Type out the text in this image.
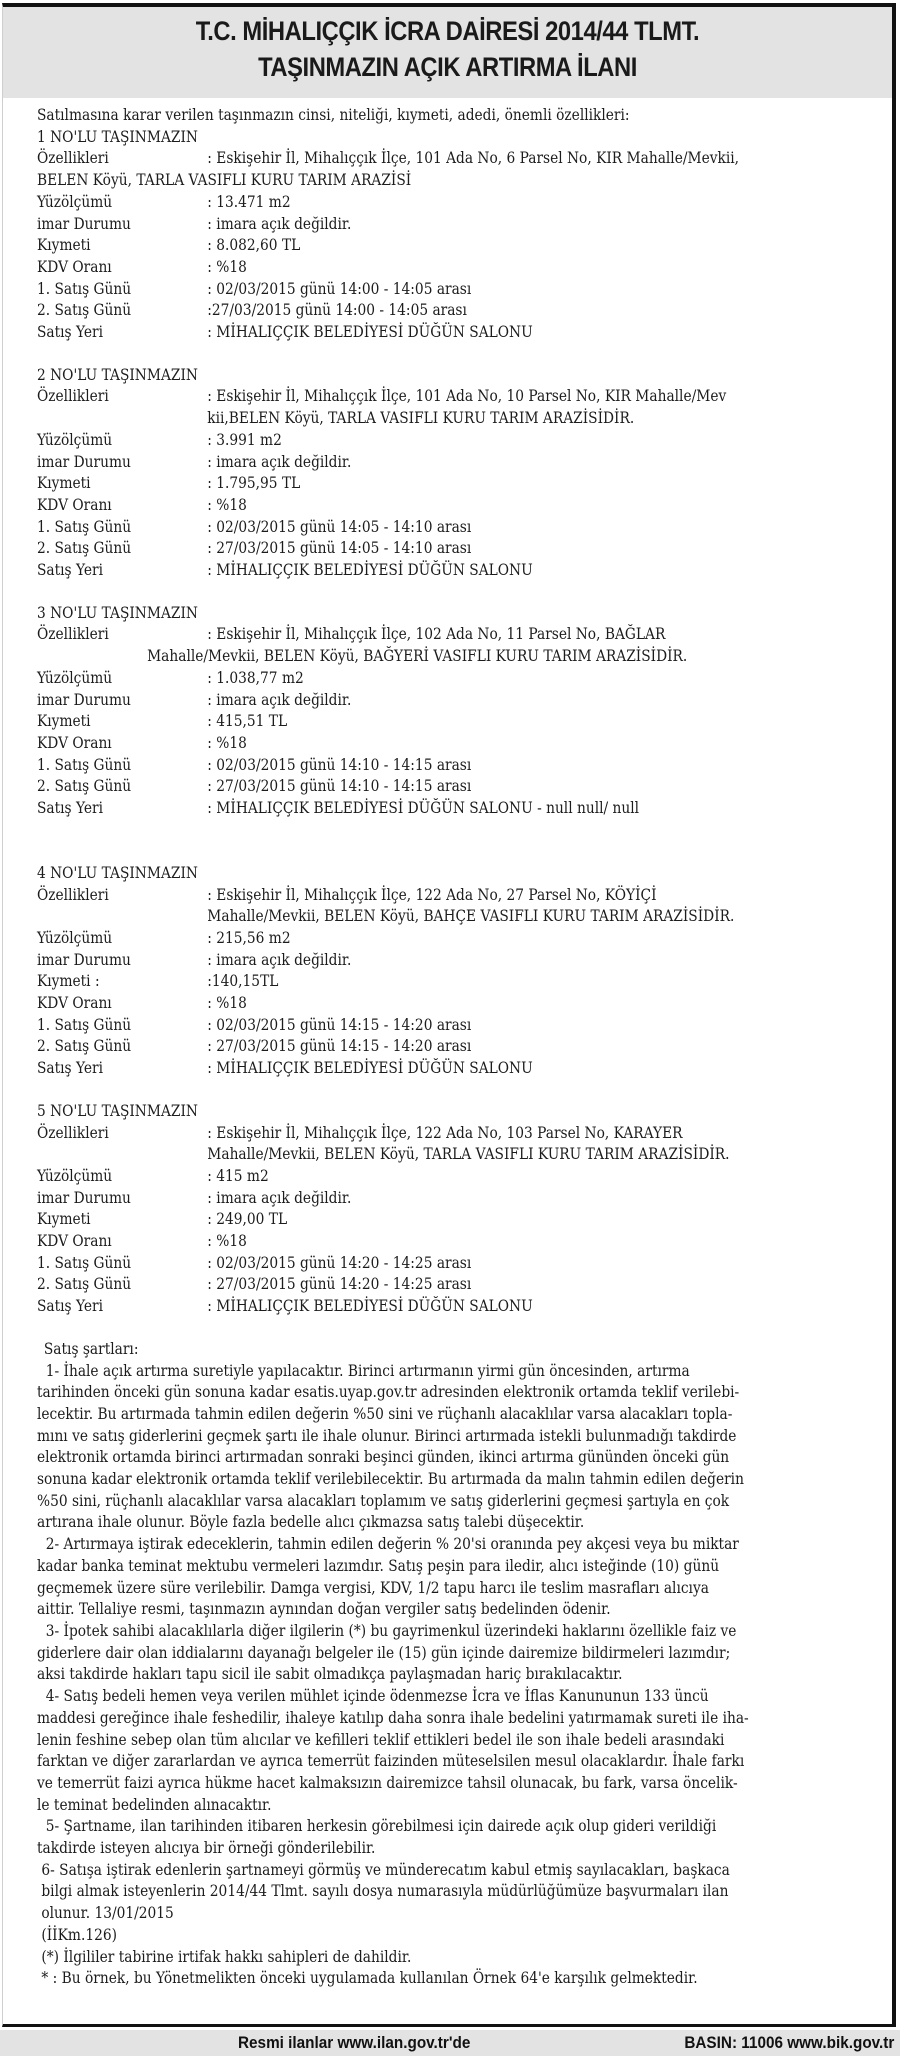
T.C. MİHALIÇÇIK İCRA DAİRESİ 2014/44 TLMT.
TAŞINMAZIN AÇIK ARTIRMA İLANI
Satılmasına karar verilen taşınmazın cinsi, niteliği, kıymeti, adedi, önemli özellikleri:
1 NO'LU TAŞINMAZIN
Özellikleri	: Eskişehir İl, Mihalıççık İlçe, 101 Ada No, 6 Parsel No, KIR Mahalle/Mevkii,
BELEN Köyü, TARLA VASIFLI KURU TARIM ARAZİSİ
Yüzölçümü	: 13.471 m2
imar Durumu	: imara açık değildir.
Kıymeti	: 8.082,60 TL
KDV Oranı	: %18
1. Satış Günü	: 02/03/2015 günü 14:00 - 14:05 arası
2. Satış Günü	:27/03/2015 günü 14:00 - 14:05 arası
Satış Yeri	: MİHALIÇÇIK BELEDİYESİ DÜĞÜN SALONU
2 NO'LU TAŞINMAZIN
Özellikleri	: Eskişehir İl, Mihalıççık İlçe, 101 Ada No, 10 Parsel No, KIR Mahalle/Mev
kii,BELEN Köyü, TARLA VASIFLI KURU TARIM ARAZİSİDİR.
Yüzölçümü	: 3.991 m2
imar Durumu	: imara açık değildir.
Kıymeti	: 1.795,95 TL
KDV Oranı	: %18
1. Satış Günü	: 02/03/2015 günü 14:05 - 14:10 arası
2. Satış Günü	: 27/03/2015 günü 14:05 - 14:10 arası
Satış Yeri	: MİHALIÇÇIK BELEDİYESİ DÜĞÜN SALONU
3 NO'LU TAŞINMAZIN
Özellikleri	: Eskişehir İl, Mihalıççık İlçe, 102 Ada No, 11 Parsel No, BAĞLAR
Mahalle/Mevkii, BELEN Köyü, BAĞYERİ VASIFLI KURU TARIM ARAZİSİDİR.
Yüzölçümü	: 1.038,77 m2
imar Durumu	: imara açık değildir.
Kıymeti	: 415,51 TL
KDV Oranı	: %18
1. Satış Günü	: 02/03/2015 günü 14:10 - 14:15 arası
2. Satış Günü	: 27/03/2015 günü 14:10 - 14:15 arası
Satış Yeri	: MİHALIÇÇIK BELEDİYESİ DÜĞÜN SALONU - null null/ null
4 NO'LU TAŞINMAZIN
Özellikleri	: Eskişehir İl, Mihalıççık İlçe, 122 Ada No, 27 Parsel No, KÖYİÇİ
Mahalle/Mevkii, BELEN Köyü, BAHÇE VASIFLI KURU TARIM ARAZİSİDİR.
Yüzölçümü	: 215,56 m2
imar Durumu	: imara açık değildir.
Kıymeti :	:140,15TL
KDV Oranı	: %18
1. Satış Günü	: 02/03/2015 günü 14:15 - 14:20 arası
2. Satış Günü	: 27/03/2015 günü 14:15 - 14:20 arası
Satış Yeri	: MİHALIÇÇIK BELEDİYESİ DÜĞÜN SALONU
5 NO'LU TAŞINMAZIN
Özellikleri	: Eskişehir İl, Mihalıççık İlçe, 122 Ada No, 103 Parsel No, KARAYER
Mahalle/Mevkii, BELEN Köyü, TARLA VASIFLI KURU TARIM ARAZİSİDİR.
Yüzölçümü	: 415 m2
imar Durumu	: imara açık değildir.
Kıymeti	: 249,00 TL
KDV Oranı	: %18
1. Satış Günü	: 02/03/2015 günü 14:20 - 14:25 arası
2. Satış Günü	: 27/03/2015 günü 14:20 - 14:25 arası
Satış Yeri	: MİHALIÇÇIK BELEDİYESİ DÜĞÜN SALONU
Satış şartları:
1- İhale açık artırma suretiyle yapılacaktır. Birinci artırmanın yirmi gün öncesinden, artırma
tarihinden önceki gün sonuna kadar esatis.uyap.gov.tr adresinden elektronik ortamda teklif verilebi-
lecektir. Bu artırmada tahmin edilen değerin %50 sini ve rüçhanlı alacaklılar varsa alacakları topla-
mını ve satış giderlerini geçmek şartı ile ihale olunur. Birinci artırmada istekli bulunmadığı takdirde
elektronik ortamda birinci artırmadan sonraki beşinci günden, ikinci artırma gününden önceki gün
sonuna kadar elektronik ortamda teklif verilebilecektir. Bu artırmada da malın tahmin edilen değerin
%50 sini, rüçhanlı alacaklılar varsa alacakları toplamım ve satış giderlerini geçmesi şartıyla en çok
artırana ihale olunur. Böyle fazla bedelle alıcı çıkmazsa satış talebi düşecektir.
2- Artırmaya iştirak edeceklerin, tahmin edilen değerin % 20'si oranında pey akçesi veya bu miktar
kadar banka teminat mektubu vermeleri lazımdır. Satış peşin para iledir, alıcı isteğinde (10) günü
geçmemek üzere süre verilebilir. Damga vergisi, KDV, 1/2 tapu harcı ile teslim masrafları alıcıya
aittir. Tellaliye resmi, taşınmazın aynından doğan vergiler satış bedelinden ödenir.
3- İpotek sahibi alacaklılarla diğer ilgilerin (*) bu gayrimenkul üzerindeki haklarını özellikle faiz ve
giderlere dair olan iddialarını dayanağı belgeler ile (15) gün içinde dairemize bildirmeleri lazımdır;
aksi takdirde hakları tapu sicil ile sabit olmadıkça paylaşmadan hariç bırakılacaktır.
4- Satış bedeli hemen veya verilen mühlet içinde ödenmezse İcra ve İflas Kanununun 133 üncü
maddesi gereğince ihale feshedilir, ihaleye katılıp daha sonra ihale bedelini yatırmamak sureti ile iha-
lenin feshine sebep olan tüm alıcılar ve kefilleri teklif ettikleri bedel ile son ihale bedeli arasındaki
farktan ve diğer zararlardan ve ayrıca temerrüt faizinden müteselsilen mesul olacaklardır. İhale farkı
ve temerrüt faizi ayrıca hükme hacet kalmaksızın dairemizce tahsil olunacak, bu fark, varsa öncelik-
le teminat bedelinden alınacaktır.
5- Şartname, ilan tarihinden itibaren herkesin görebilmesi için dairede açık olup gideri verildiği
takdirde isteyen alıcıya bir örneği gönderilebilir.
6- Satışa iştirak edenlerin şartnameyi görmüş ve münderecatım kabul etmiş sayılacakları, başkaca
bilgi almak isteyenlerin 2014/44 Tlmt. sayılı dosya numarasıyla müdürlüğümüze başvurmaları ilan
olunur. 13/01/2015
(İİKm.126)
(*) İlgililer tabirine irtifak hakkı sahipleri de dahildir.
* : Bu örnek, bu Yönetmelikten önceki uygulamada kullanılan Örnek 64'e karşılık gelmektedir.
Resmi ilanlar www.ilan.gov.tr'de	BASIN: 11006 www.bik.gov.tr
